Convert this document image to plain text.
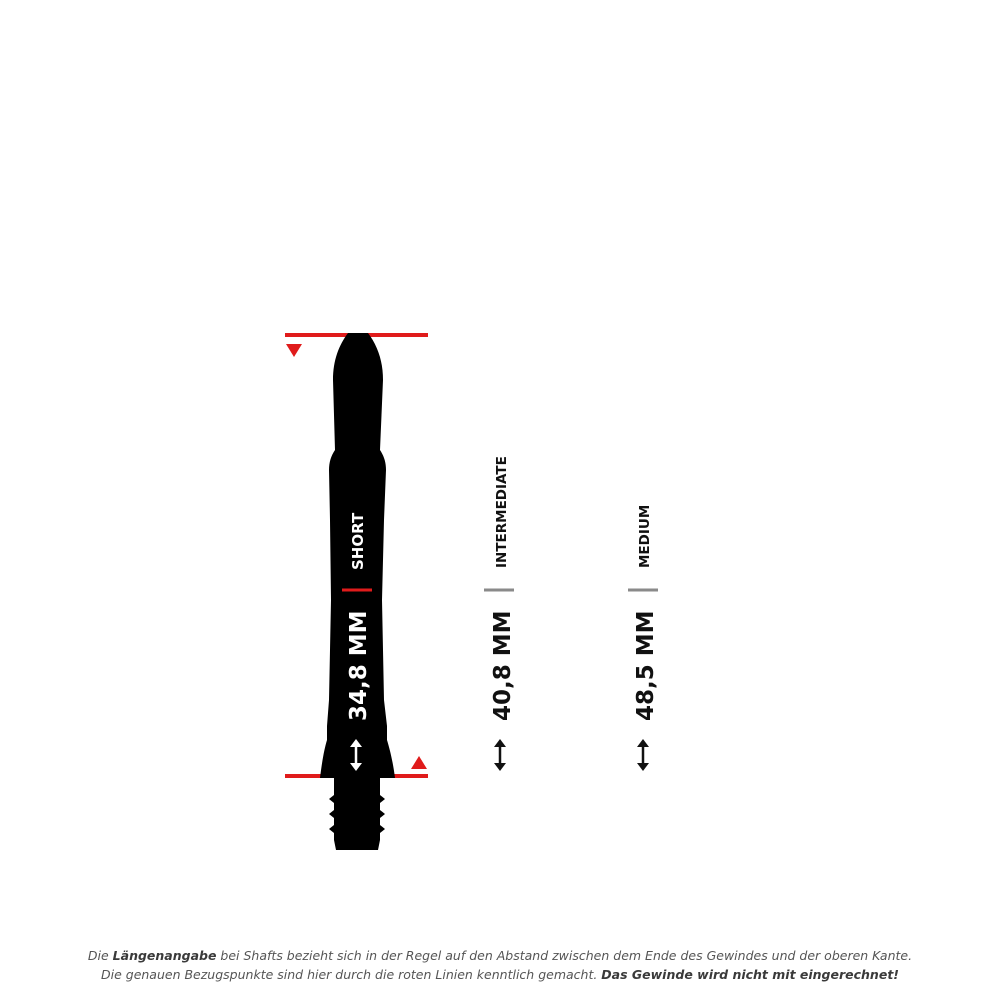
SHORT
34,8 MM
INTERMEDIATE
40,8 MM
MEDIUM
48,5 MM
Die Längenangabe bei Shafts bezieht sich in der Regel auf den Abstand zwischen dem Ende des Gewindes und der oberen Kante.
Die genauen Bezugspunkte sind hier durch die roten Linien kenntlich gemacht. Das Gewinde wird nicht mit eingerechnet!
